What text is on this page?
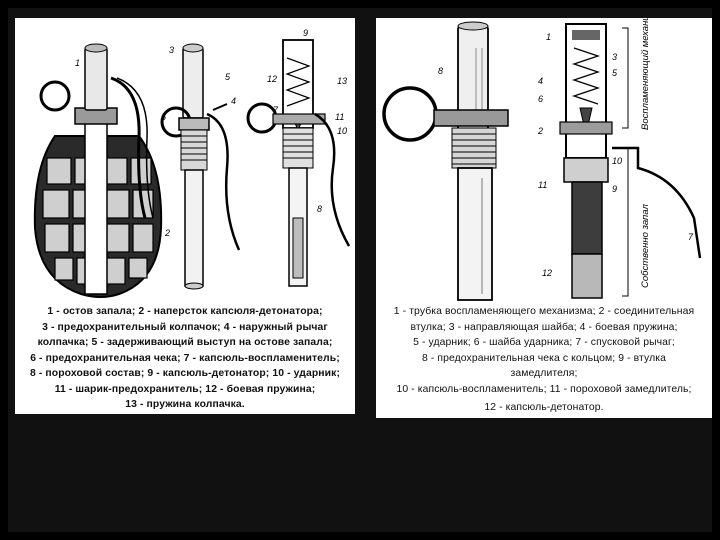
1
2
3
4
5
6
7
8
9
10
11
12	13
1 - остов запала; 2 - наперсток капсюля-детонатора;
3 - предохранительный колпачок; 4 - наружный рычаг
колпачка; 5 - задерживающий выступ на остове запала;
6 - предохранительная чека; 7 - капсюль-воспламенитель;
8 - пороховой состав; 9 - капсюль-детонатор; 10 - ударник;
11 - шарик-предохранитель; 12 - боевая пружина;
13 - пружина колпачка.
1
2
3
4
5
6
7
8
9
10
11
12
Воспламеняющий механизм
Собственно запал
1 - трубка воспламеняющего механизма; 2 - соединительная
втулка; 3 - направляющая шайба; 4 - боевая пружина;
5 - ударник; 6 - шайба ударника; 7 - спусковой рычаг;
8 - предохранительная чека с кольцом; 9 - втулка
замедлителя;
10 - капсюль-воспламенитель; 11 - пороховой замедлитель;
12 - капсюль-детонатор.
